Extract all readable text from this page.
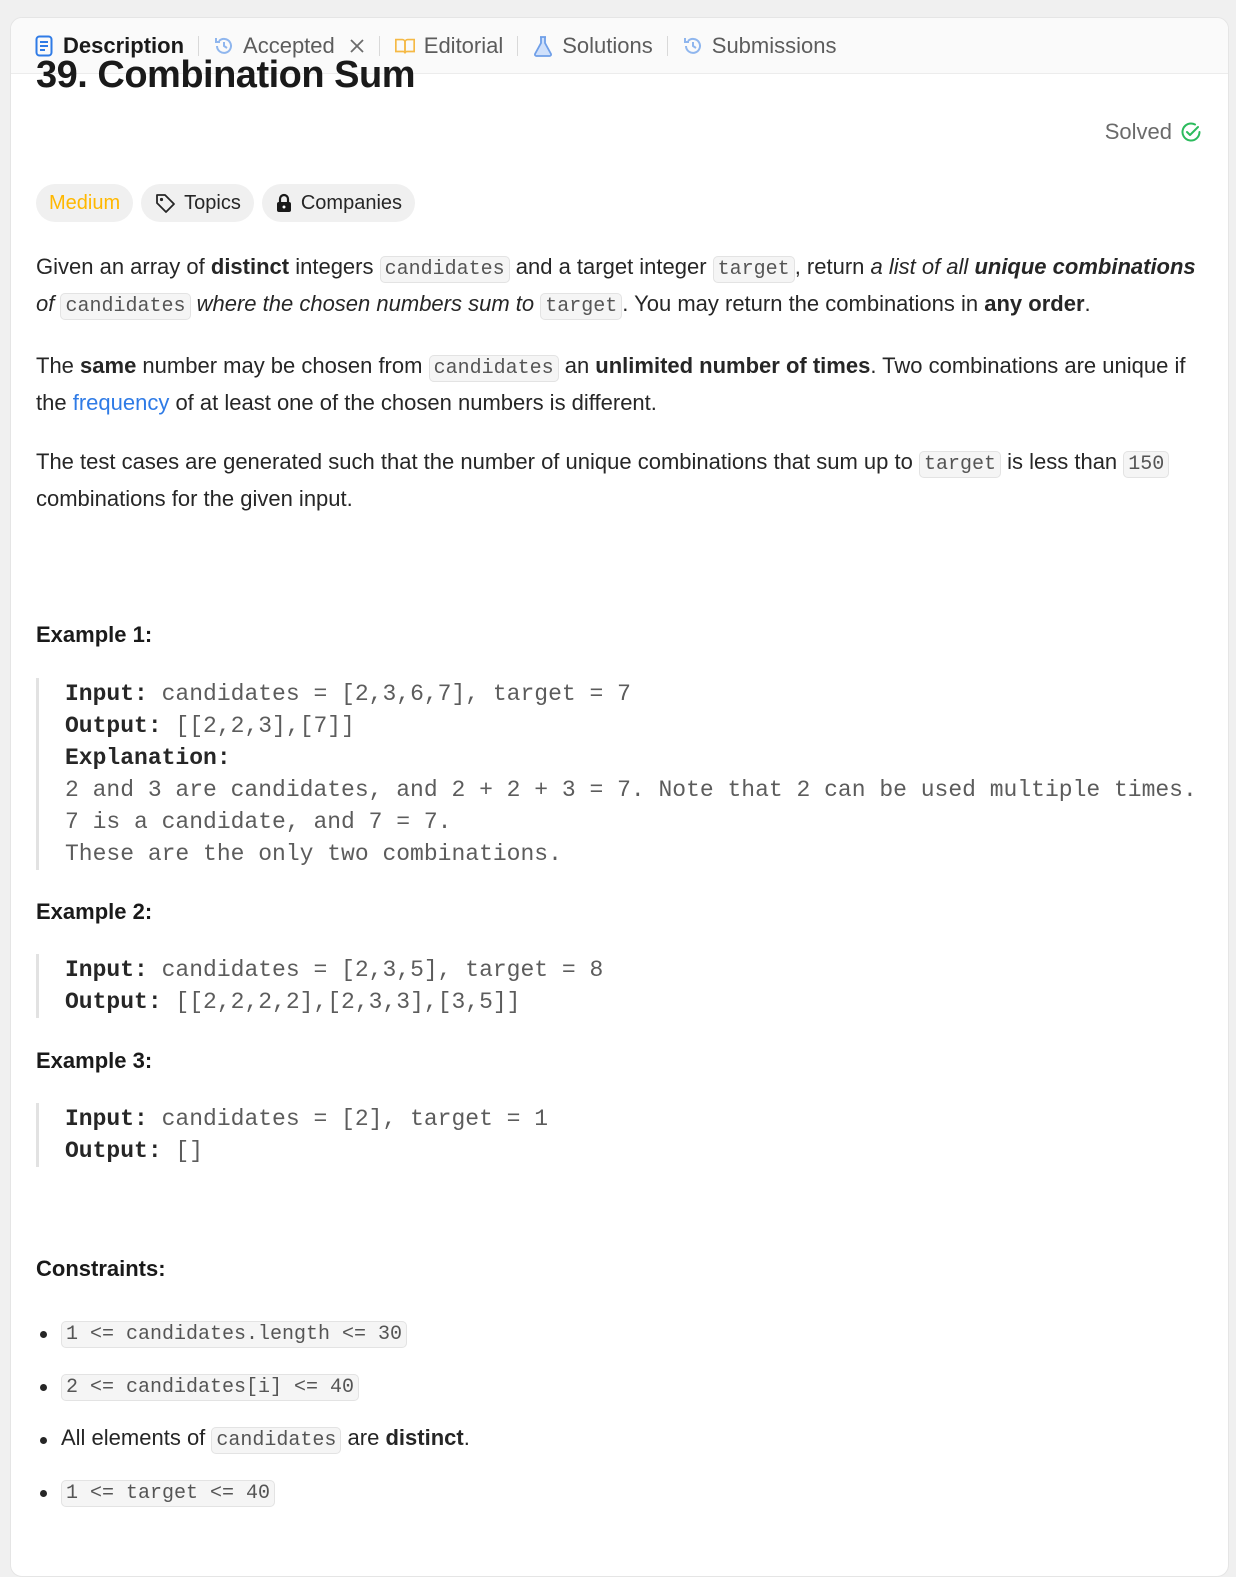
Description	Accepted	Editorial	Solutions	Submissions
39. Combination Sum
Solved
Medium	Topics	Companies

Given an array of distinct integers candidates and a target integer target , return a list of all unique combinations of candidates where the chosen numbers sum to target . You may return the combinations in any order.

The same number may be chosen from candidates an unlimited number of times. Two combinations are unique if the frequency of at least one of the chosen numbers is different.

The test cases are generated such that the number of unique combinations that sum up to target is less than 150 combinations for the given input.

Example 1:
Input: candidates = [2,3,6,7], target = 7
Output: [[2,2,3],[7]]
Explanation:
2 and 3 are candidates, and 2 + 2 + 3 = 7. Note that 2 can be used multiple times.
7 is a candidate, and 7 = 7.
These are the only two combinations.
Example 2:
Input: candidates = [2,3,5], target = 8
Output: [[2,2,2,2],[2,3,3],[3,5]]
Example 3:
Input: candidates = [2], target = 1
Output: []
Constraints:
1 <= candidates.length <= 30
2 <= candidates[i] <= 40
All elements of candidates are distinct.
1 <= target <= 40
